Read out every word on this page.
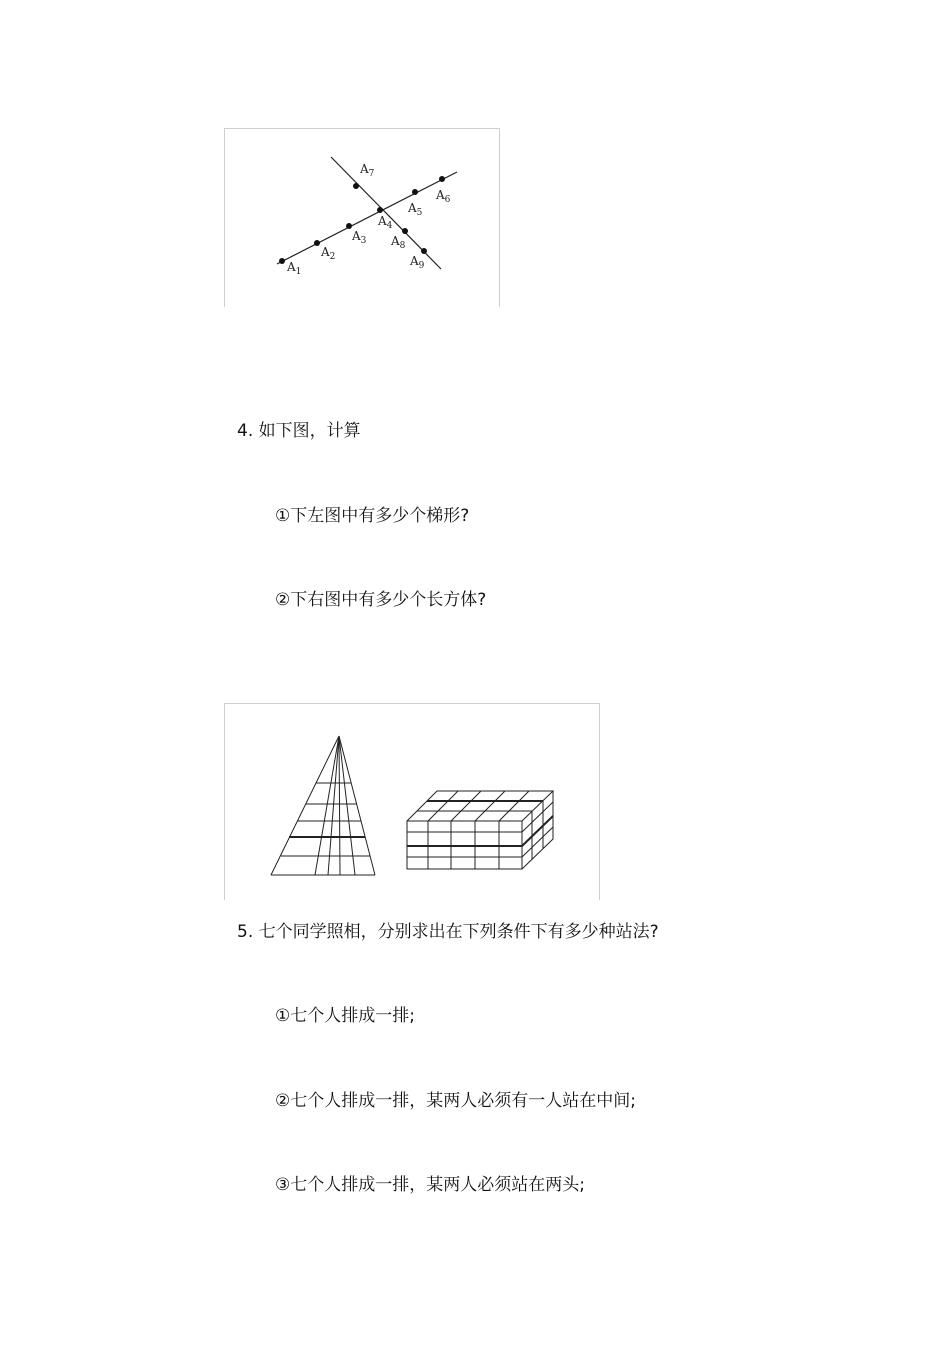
$A_1$
$A_2$
$A_3$
$A_4$
$A_5$
$A_6$
$A_7$
$A_8$
$A_9$
4. 如下图，计算
①下左图中有多少个梯形?
②下右图中有多少个长方体?
5. 七个同学照相，分别求出在下列条件下有多少种站法?
①七个人排成一排;
②七个人排成一排，某两人必须有一人站在中间;
③七个人排成一排，某两人必须站在两头;
